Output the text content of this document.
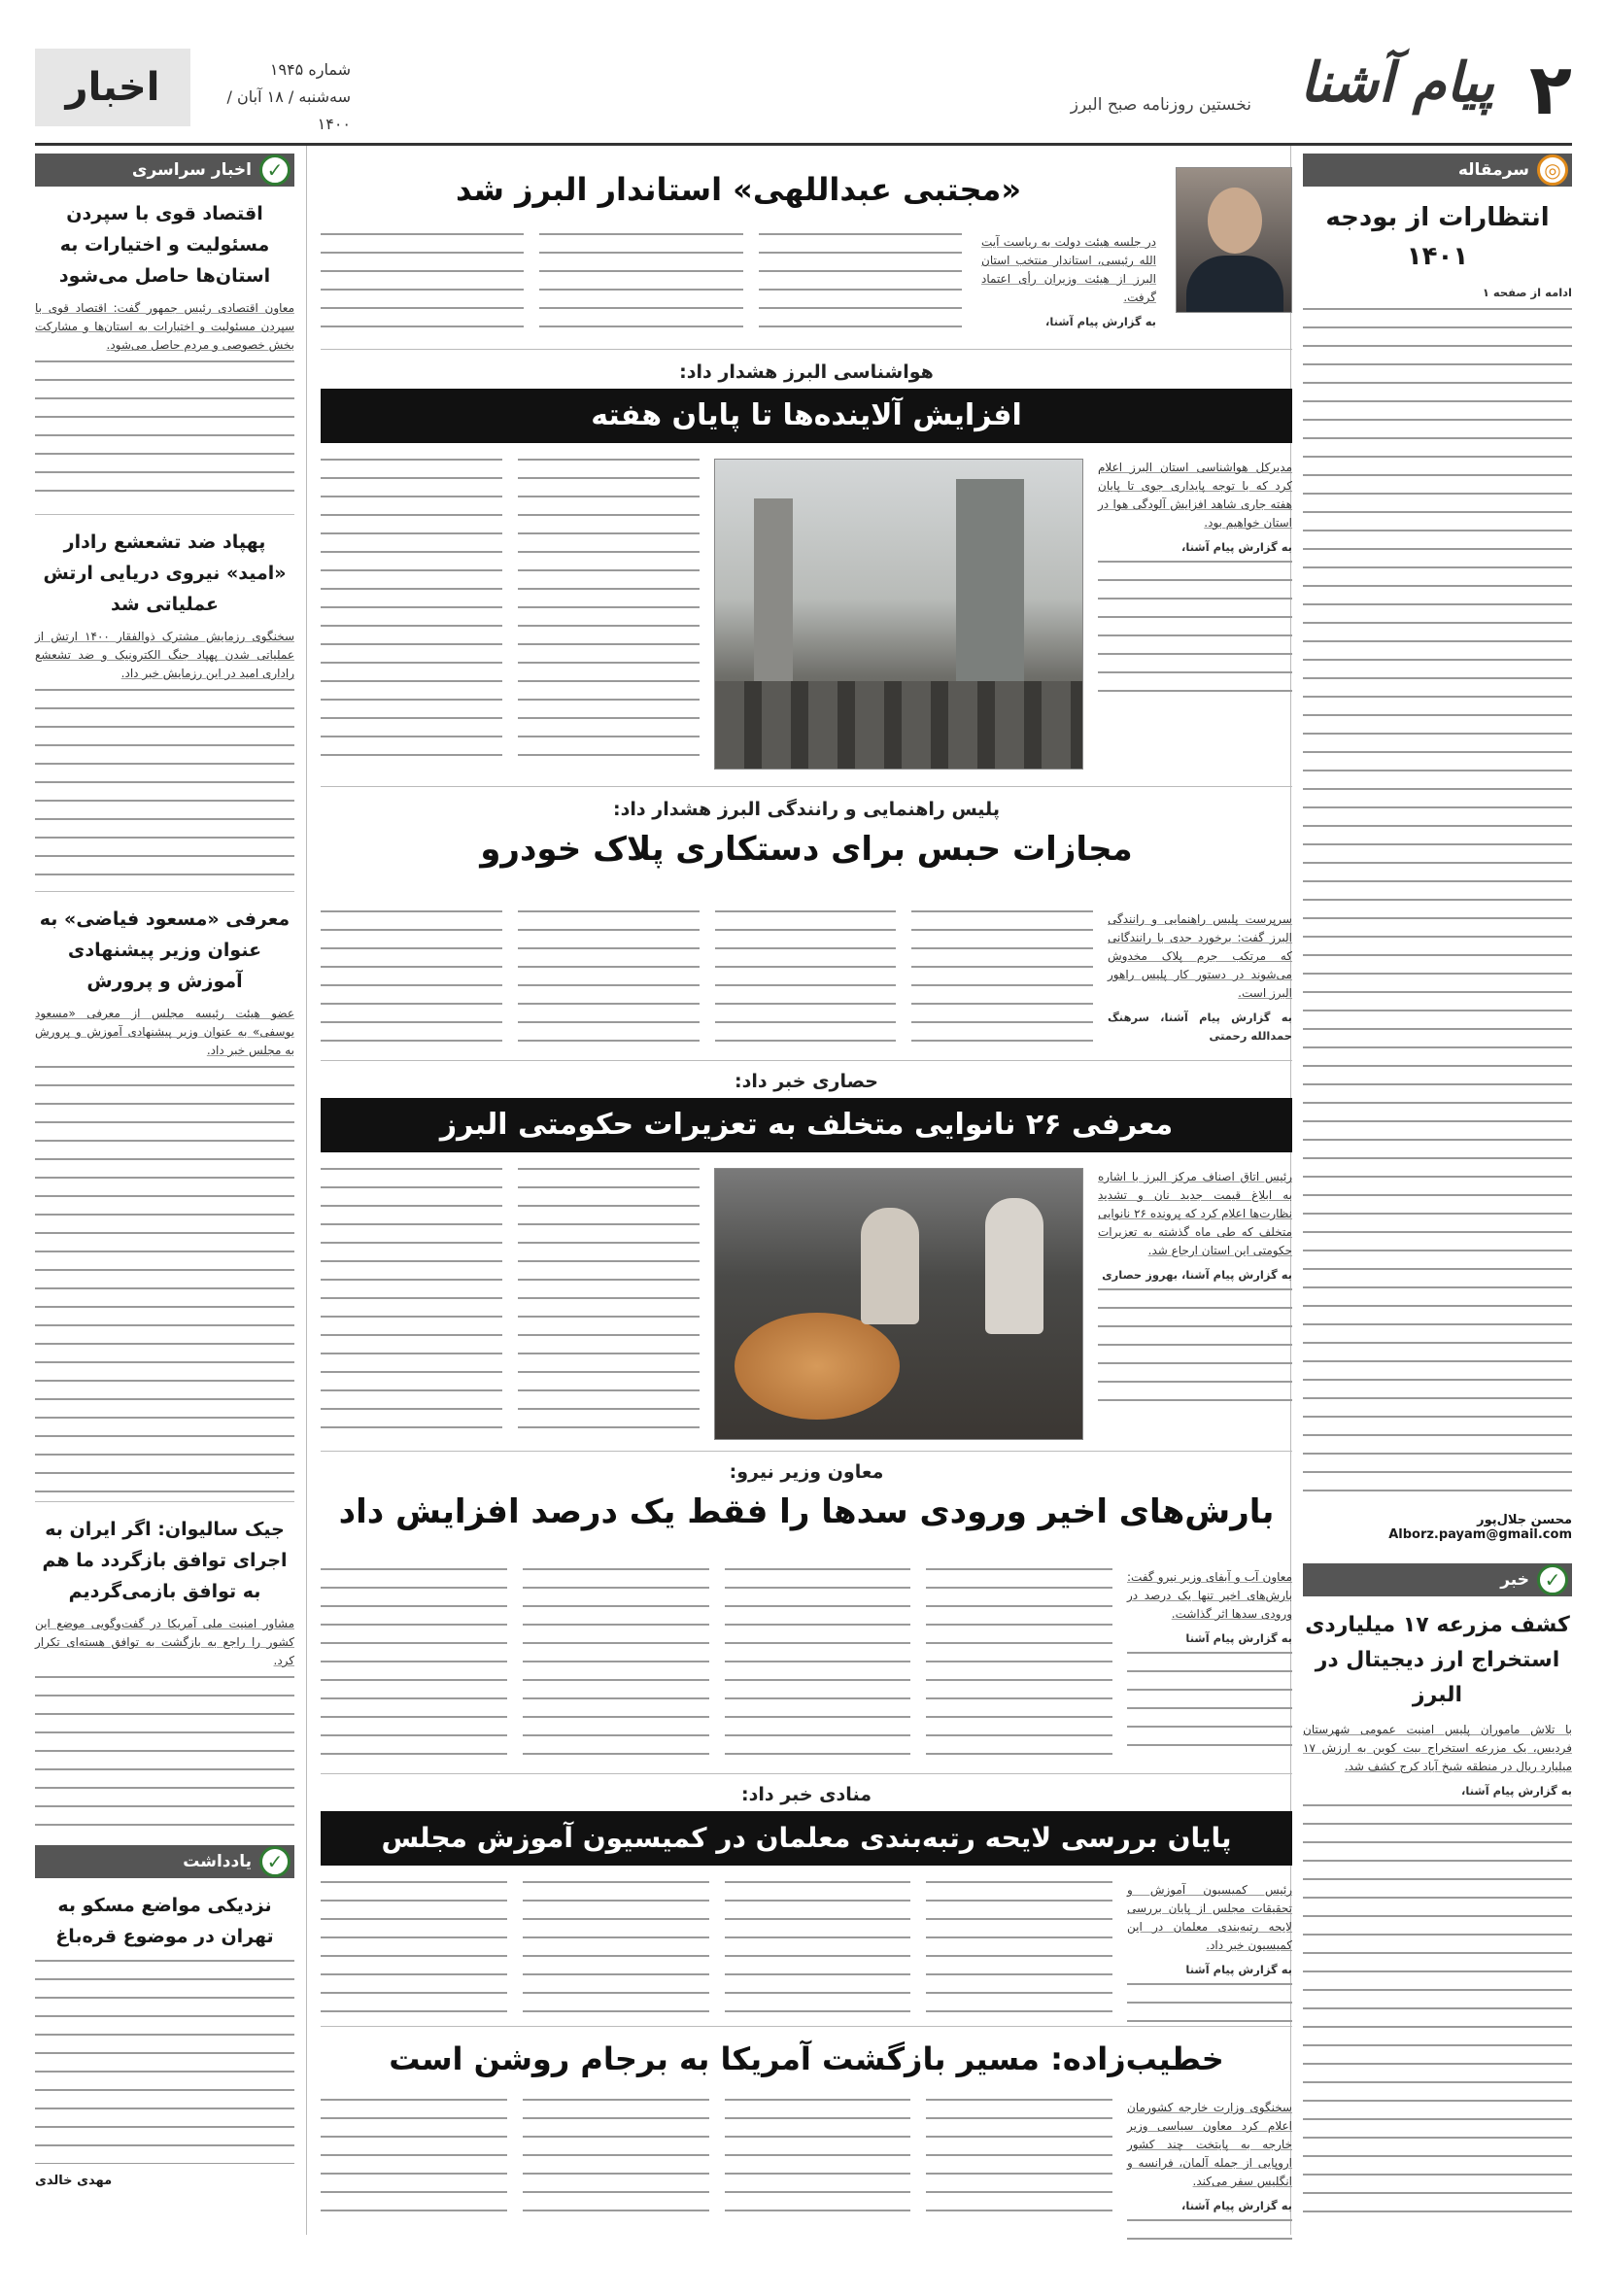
۲
پیام آشنا
نخستین روزنامه صبح البرز
شماره ۱۹۴۵
سه‌شنبه / ۱۸ آبان / ۱۴۰۰
اخبار
◎
سرمقاله
انتظارات از بودجه ۱۴۰۱
ادامه از صفحه ۱
محسن جلال‌پور
Alborz.payam@gmail.com
✓
خبر
کشف مزرعه ۱۷ میلیاردی استخراج ارز دیجیتال در البرز
با تلاش ماموران پلیس امنیت عمومی شهرستان فردیس، یک مزرعه استخراج بیت کوین به ارزش ۱۷ میلیارد ریال در منطقه شیخ آباد کرج کشف شد.
به گزارش پیام آشنا،
✓
اخبار سراسری
اقتصاد قوی با سپردن مسئولیت و اختیارات به استان‌ها حاصل می‌شود
معاون اقتصادی رئیس جمهور گفت: اقتصاد قوی با سپردن مسئولیت و اختیارات به استان‌ها و مشارکت بخش خصوصی و مردم حاصل می‌شود.
پهپاد ضد تشعشع رادار «امید» نیروی دریایی ارتش عملیاتی شد
سخنگوی رزمایش مشترک ذوالفقار ۱۴۰۰ ارتش از عملیاتی شدن پهپاد جنگ الکترونیک و ضد تشعشع راداری امید در این رزمایش خبر داد.
معرفی «مسعود فیاضی» به عنوان وزیر پیشنهادی آموزش و پرورش
عضو هیئت رئیسه مجلس از معرفی «مسعود یوسفی» به عنوان وزیر پیشنهادی آموزش و پرورش به مجلس خبر داد.
جیک سالیوان: اگر ایران به اجرای توافق بازگردد ما هم به توافق بازمی‌گردیم
مشاور امنیت ملی آمریکا در گفت‌وگویی موضع این کشور را راجع به بازگشت به توافق هسته‌ای تکرار کرد.
✓
یادداشت
نزدیکی مواضع مسکو به تهران در موضوع قره‌باغ
مهدی خالدی
«مجتبی عبداللهی» استاندار البرز شد
در جلسه هیئت دولت به ریاست آیت الله رئیسی، استاندار منتخب استان البرز از هیئت وزیران رأی اعتماد گرفت.
به گزارش پیام آشنا،
هواشناسی البرز هشدار داد:
افزایش آلاینده‌ها تا پایان هفته
مدیرکل هواشناسی استان البرز اعلام کرد که با توجه پایداری جوی تا پایان هفته جاری شاهد افزایش آلودگی هوا در استان خواهیم بود.
به گزارش پیام آشنا،
پلیس راهنمایی و رانندگی البرز هشدار داد:
مجازات حبس برای دستکاری پلاک خودرو
سرپرست پلیس راهنمایی و رانندگی البرز گفت: برخورد جدی با رانندگانی که مرتکب جرم پلاک مخدوش می‌شوند در دستور کار پلیس راهور البرز است.
به گزارش پیام آشنا، سرهنگ حمدالله رحمتی
حصاری خبر داد:
معرفی ۲۶ نانوایی متخلف به تعزیرات حکومتی البرز
رئیس اتاق اصناف مرکز البرز با اشاره به ابلاغ قیمت جدید نان و تشدید نظارت‌ها اعلام کرد که پرونده ۲۶ نانوایی متخلف که طی ماه گذشته به تعزیرات حکومتی این استان ارجاع شد.
به گزارش پیام آشنا، بهروز حصاری
معاون وزیر نیرو:
بارش‌های اخیر ورودی سدها را فقط یک درصد افزایش داد
معاون آب و آبفای وزیر نیرو گفت: بارش‌های اخیر تنها یک درصد در ورودی سدها اثر گذاشت.
به گزارش پیام آشنا
منادی خبر داد:
پایان بررسی لایحه رتبه‌بندی معلمان در کمیسیون آموزش مجلس
رئیس کمیسیون آموزش و تحقیقات مجلس از پایان بررسی لایحه رتبه‌بندی معلمان در این کمیسیون خبر داد.
به گزارش پیام آشنا
خطیب‌زاده: مسیر بازگشت آمریکا به برجام روشن است
سخنگوی وزارت خارجه کشورمان اعلام کرد معاون سیاسی وزیر خارجه به پایتخت چند کشور اروپایی از جمله آلمان، فرانسه و انگلیس سفر می‌کند.
به گزارش پیام آشنا،
